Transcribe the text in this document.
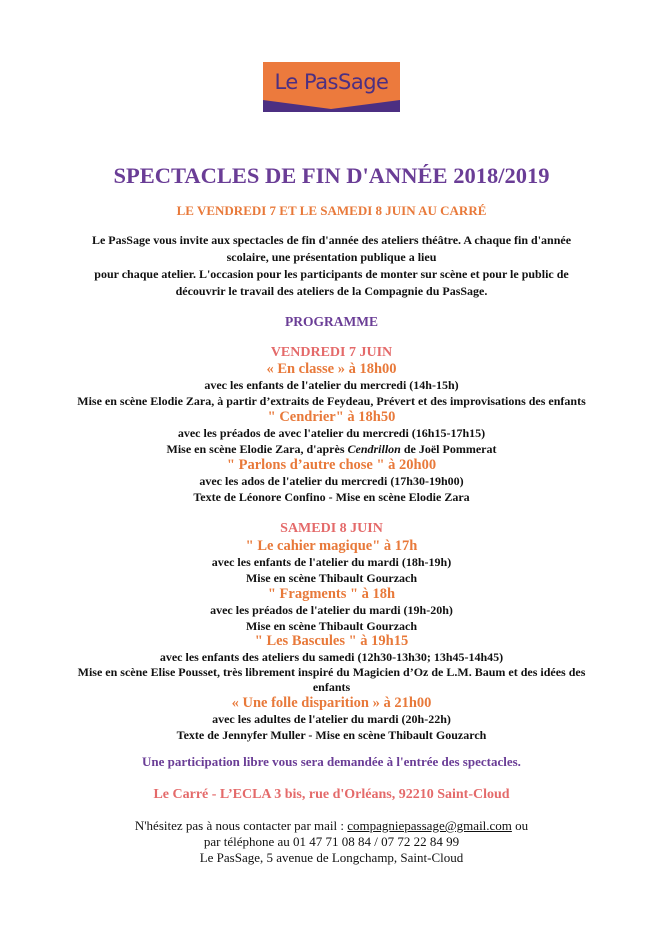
Le PasSage
SPECTACLES DE FIN D'ANNÉE 2018/2019
LE VENDREDI 7 ET LE SAMEDI 8 JUIN AU CARRÉ
Le PasSage vous invite aux spectacles de fin d'année des ateliers théâtre. A chaque fin d'année
scolaire, une présentation publique a lieu
pour chaque atelier. L'occasion pour les participants de monter sur scène et pour le public de
découvrir le travail des ateliers de la Compagnie du PasSage.
PROGRAMME
VENDREDI 7 JUIN
« En classe » à 18h00
avec les enfants de l'atelier du mercredi (14h-15h)
Mise en scène Elodie Zara, à partir d’extraits de Feydeau, Prévert et des improvisations des enfants
" Cendrier" à 18h50
avec les préados de avec l'atelier du mercredi (16h15-17h15)
Mise en scène Elodie Zara, d'après Cendrillon de Joël Pommerat
" Parlons d’autre chose " à 20h00
avec les ados de l'atelier du mercredi (17h30-19h00)
Texte de Léonore Confino - Mise en scène Elodie Zara
SAMEDI 8 JUIN
" Le cahier magique" à 17h
avec les enfants de l'atelier du mardi (18h-19h)
Mise en scène Thibault Gourzach
" Fragments " à 18h
avec les préados de l'atelier du mardi (19h-20h)
Mise en scène Thibault Gourzach
" Les Bascules " à 19h15
avec les enfants des ateliers du samedi (12h30-13h30; 13h45-14h45)
Mise en scène Elise Pousset, très librement inspiré du Magicien d’Oz de L.M. Baum et des idées des
enfants
« Une folle disparition » à 21h00
avec les adultes de l'atelier du mardi (20h-22h)
Texte de Jennyfer Muller - Mise en scène Thibault Gouzarch
Une participation libre vous sera demandée à l'entrée des spectacles.
Le Carré - L’ECLA 3 bis, rue d'Orléans, 92210 Saint-Cloud
N'hésitez pas à nous contacter par mail : compagniepassage@gmail.com ou
par téléphone au 01 47 71 08 84 / 07 72 22 84 99
Le PasSage, 5 avenue de Longchamp, Saint-Cloud
